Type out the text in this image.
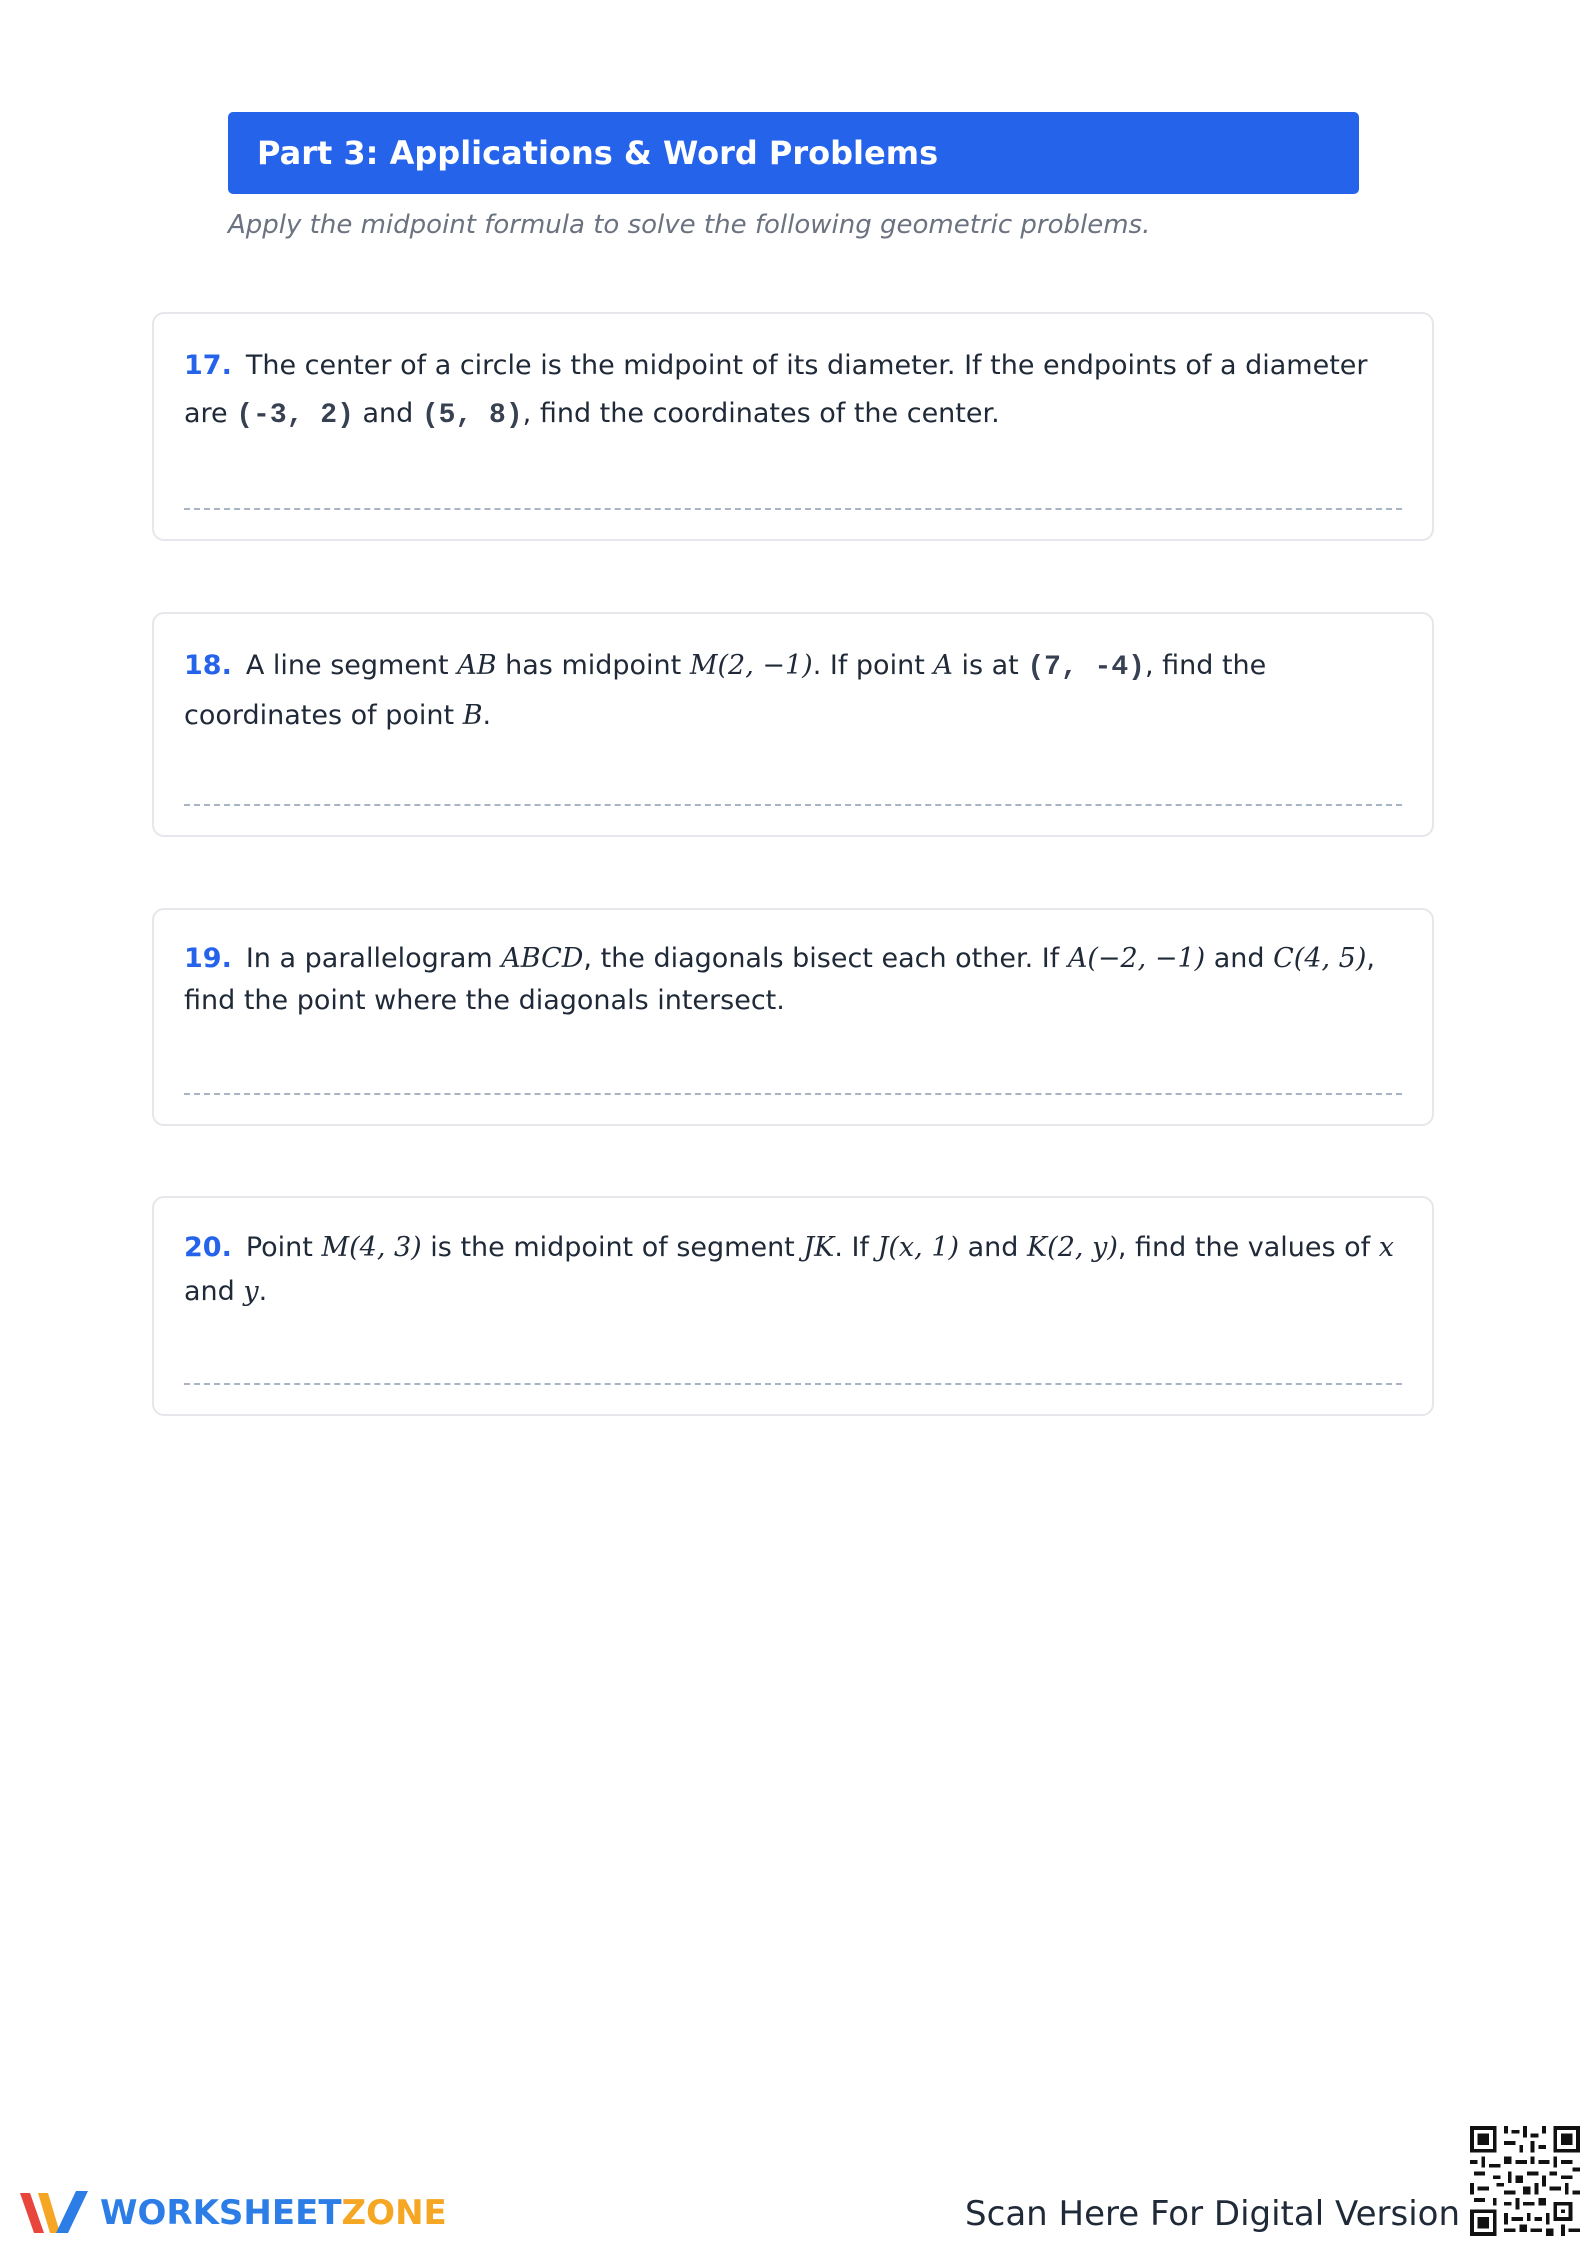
Part 3: Applications & Word Problems

Apply the midpoint formula to solve the following geometric problems.

17. The center of a circle is the midpoint of its diameter. If the endpoints of a diameter are (-3, 2) and (5, 8), find the coordinates of the center.

18. A line segment AB has midpoint M(2, −1). If point A is at (7, -4), find the coordinates of point B.

19. In a parallelogram ABCD, the diagonals bisect each other. If A(−2, −1) and C(4, 5), find the point where the diagonals intersect.

20. Point M(4, 3) is the midpoint of segment JK. If J(x, 1) and K(2, y), find the values of x and y.

WORKSHEETZONE	Scan Here For Digital Version
